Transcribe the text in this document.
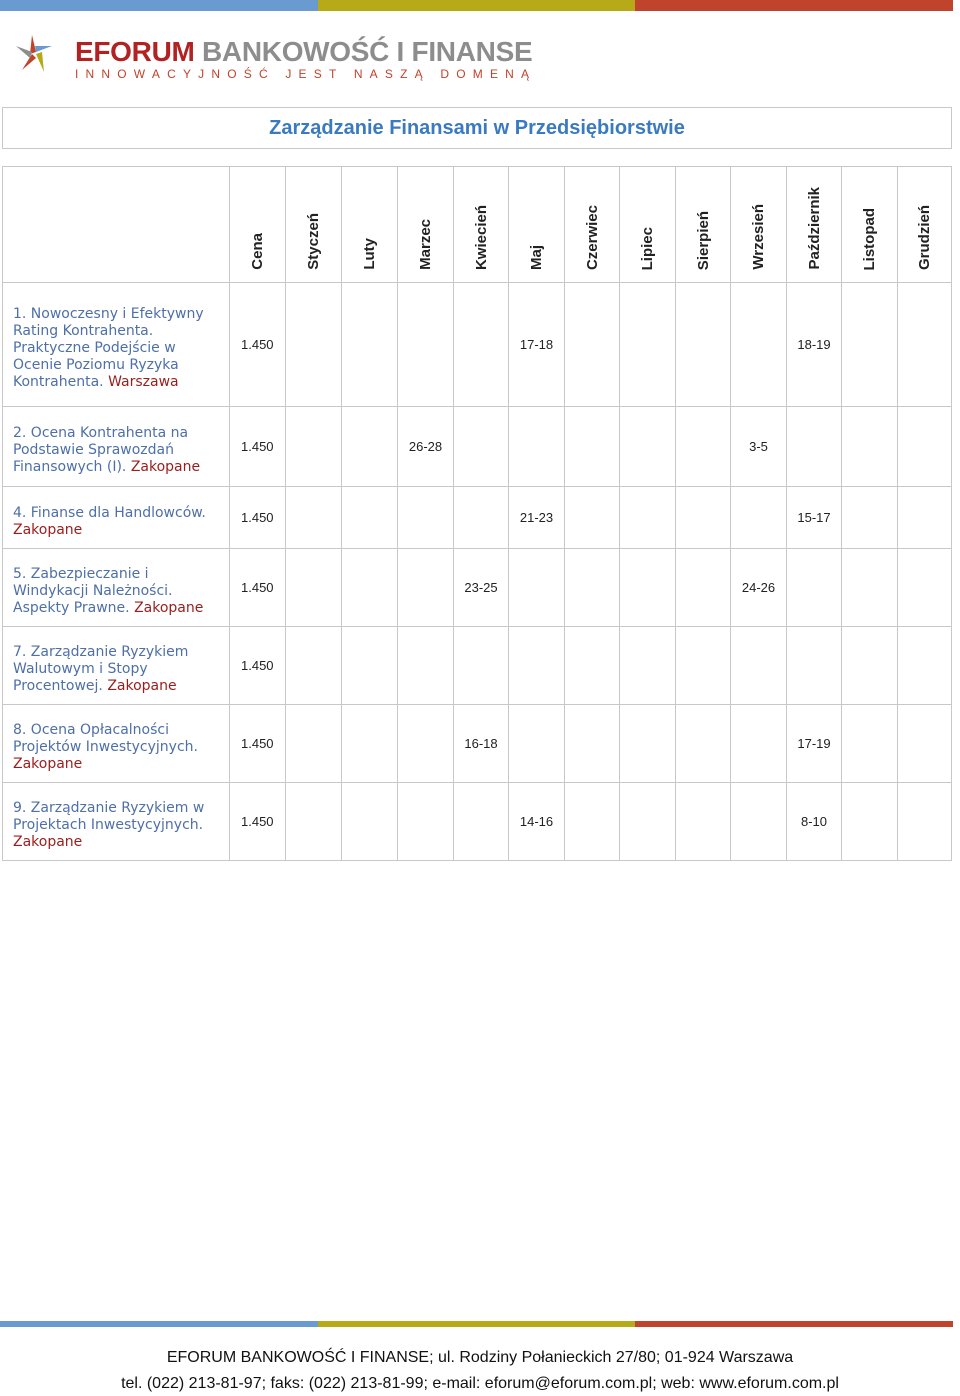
EFORUM BANKOWOŚĆ I FINANSE
INNOWACYJNOŚĆ JEST NASZĄ DOMENĄ
Zarządzanie Finansami w Przedsiębiorstwie

	Cena	Styczeń	Luty	Marzec	Kwiecień	Maj	Czerwiec	Lipiec	Sierpień	Wrzesień	Październik	Listopad	Grudzień

1. Nowoczesny i Efektywny Rating Kontrahenta. Praktyczne Podejście w Ocenie Poziomu Ryzyka Kontrahenta. Warszawa	1.450					17-18					18-19		

2. Ocena Kontrahenta na Podstawie Sprawozdań Finansowych (I). Zakopane	1.450			26-28						3-5			

4. Finanse dla Handlowców. Zakopane	1.450					21-23					15-17		

5. Zabezpieczanie i Windykacji Należności. Aspekty Prawne. Zakopane	1.450				23-25					24-26			

7. Zarządzanie Ryzykiem Walutowym i Stopy Procentowej. Zakopane	1.450												

8. Ocena Opłacalności Projektów Inwestycyjnych. Zakopane	1.450				16-18						17-19		

9. Zarządzanie Ryzykiem w Projektach Inwestycyjnych. Zakopane	1.450					14-16					8-10		
EFORUM BANKOWOŚĆ I FINANSE; ul. Rodziny Połanieckich 27/80; 01-924 Warszawa
tel. (022) 213-81-97; faks: (022) 213-81-99; e-mail: eforum@eforum.com.pl; web: www.eforum.com.pl
